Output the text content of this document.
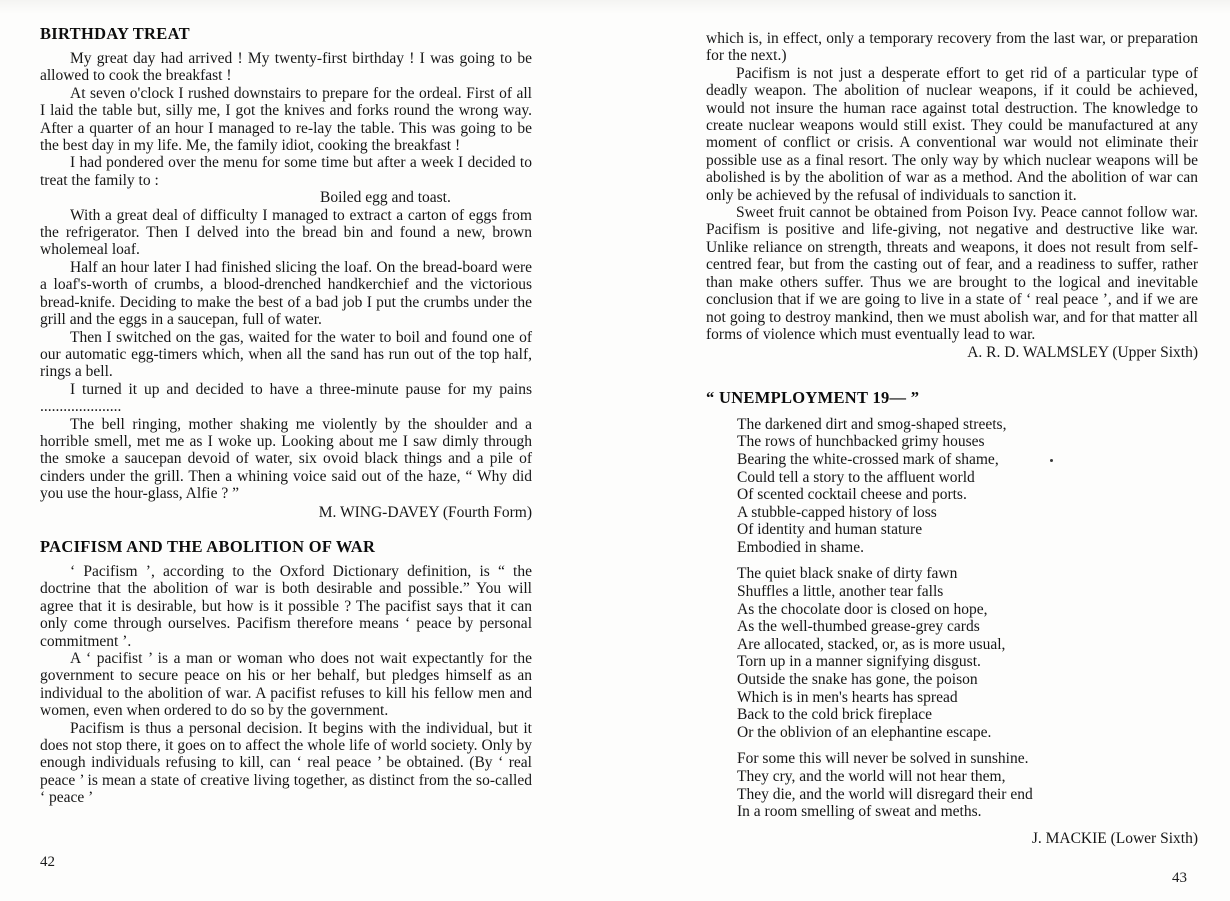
BIRTHDAY TREAT
My great day had arrived ! My twenty-first birthday ! I was going to be allowed to cook the breakfast !
At seven o'clock I rushed downstairs to prepare for the ordeal. First of all I laid the table but, silly me, I got the knives and forks round the wrong way. After a quarter of an hour I managed to re-lay the table. This was going to be the best day in my life. Me, the family idiot, cooking the breakfast !
I had pondered over the menu for some time but after a week I decided to treat the family to :
Boiled egg and toast.
With a great deal of difficulty I managed to extract a carton of eggs from the refrigerator. Then I delved into the bread bin and found a new, brown wholemeal loaf.
Half an hour later I had finished slicing the loaf. On the bread-board were a loaf's-worth of crumbs, a blood-drenched handkerchief and the victorious bread-knife. Deciding to make the best of a bad job I put the crumbs under the grill and the eggs in a saucepan, full of water.
Then I switched on the gas, waited for the water to boil and found one of our automatic egg-timers which, when all the sand has run out of the top half, rings a bell.
I turned it up and decided to have a three-minute pause for my pains .....................
The bell ringing, mother shaking me violently by the shoulder and a horrible smell, met me as I woke up. Looking about me I saw dimly through the smoke a saucepan devoid of water, six ovoid black things and a pile of cinders under the grill. Then a whining voice said out of the haze, “ Why did you use the hour-glass, Alfie ? ”
M. WING-DAVEY (Fourth Form)
PACIFISM AND THE ABOLITION OF WAR
‘ Pacifism ’, according to the Oxford Dictionary definition, is “ the doctrine that the abolition of war is both desirable and possible.” You will agree that it is desirable, but how is it possible ? The pacifist says that it can only come through ourselves. Pacifism therefore means ‘ peace by personal commitment ’.
A ‘ pacifist ’ is a man or woman who does not wait expectantly for the government to secure peace on his or her behalf, but pledges himself as an individual to the abolition of war. A pacifist refuses to kill his fellow men and women, even when ordered to do so by the government.
Pacifism is thus a personal decision. It begins with the individual, but it does not stop there, it goes on to affect the whole life of world society. Only by enough individuals refusing to kill, can ‘ real peace ’ be obtained. (By ‘ real peace ’ is mean a state of creative living together, as distinct from the so-called ‘ peace ’
which is, in effect, only a temporary recovery from the last war, or preparation for the next.)
Pacifism is not just a desperate effort to get rid of a particular type of deadly weapon. The abolition of nuclear weapons, if it could be achieved, would not insure the human race against total destruction. The knowledge to create nuclear weapons would still exist. They could be manufactured at any moment of conflict or crisis. A conventional war would not eliminate their possible use as a final resort. The only way by which nuclear weapons will be abolished is by the abolition of war as a method. And the abolition of war can only be achieved by the refusal of individuals to sanction it.
Sweet fruit cannot be obtained from Poison Ivy. Peace cannot follow war. Pacifism is positive and life-giving, not negative and destructive like war. Unlike reliance on strength, threats and weapons, it does not result from self-centred fear, but from the casting out of fear, and a readiness to suffer, rather than make others suffer. Thus we are brought to the logical and inevitable conclusion that if we are going to live in a state of ‘ real peace ’, and if we are not going to destroy mankind, then we must abolish war, and for that matter all forms of violence which must eventually lead to war.
A. R. D. WALMSLEY (Upper Sixth)
“ UNEMPLOYMENT 19— ”
The darkened dirt and smog-shaped streets,
The rows of hunchbacked grimy houses
Bearing the white-crossed mark of shame,
Could tell a story to the affluent world
Of scented cocktail cheese and ports.
A stubble-capped history of loss
Of identity and human stature
Embodied in shame.
The quiet black snake of dirty fawn
Shuffles a little, another tear falls
As the chocolate door is closed on hope,
As the well-thumbed grease-grey cards
Are allocated, stacked, or, as is more usual,
Torn up in a manner signifying disgust.
Outside the snake has gone, the poison
Which is in men's hearts has spread
Back to the cold brick fireplace
Or the oblivion of an elephantine escape.
For some this will never be solved in sunshine.
They cry, and the world will not hear them,
They die, and the world will disregard their end
In a room smelling of sweat and meths.
J. MACKIE (Lower Sixth)
42
43
